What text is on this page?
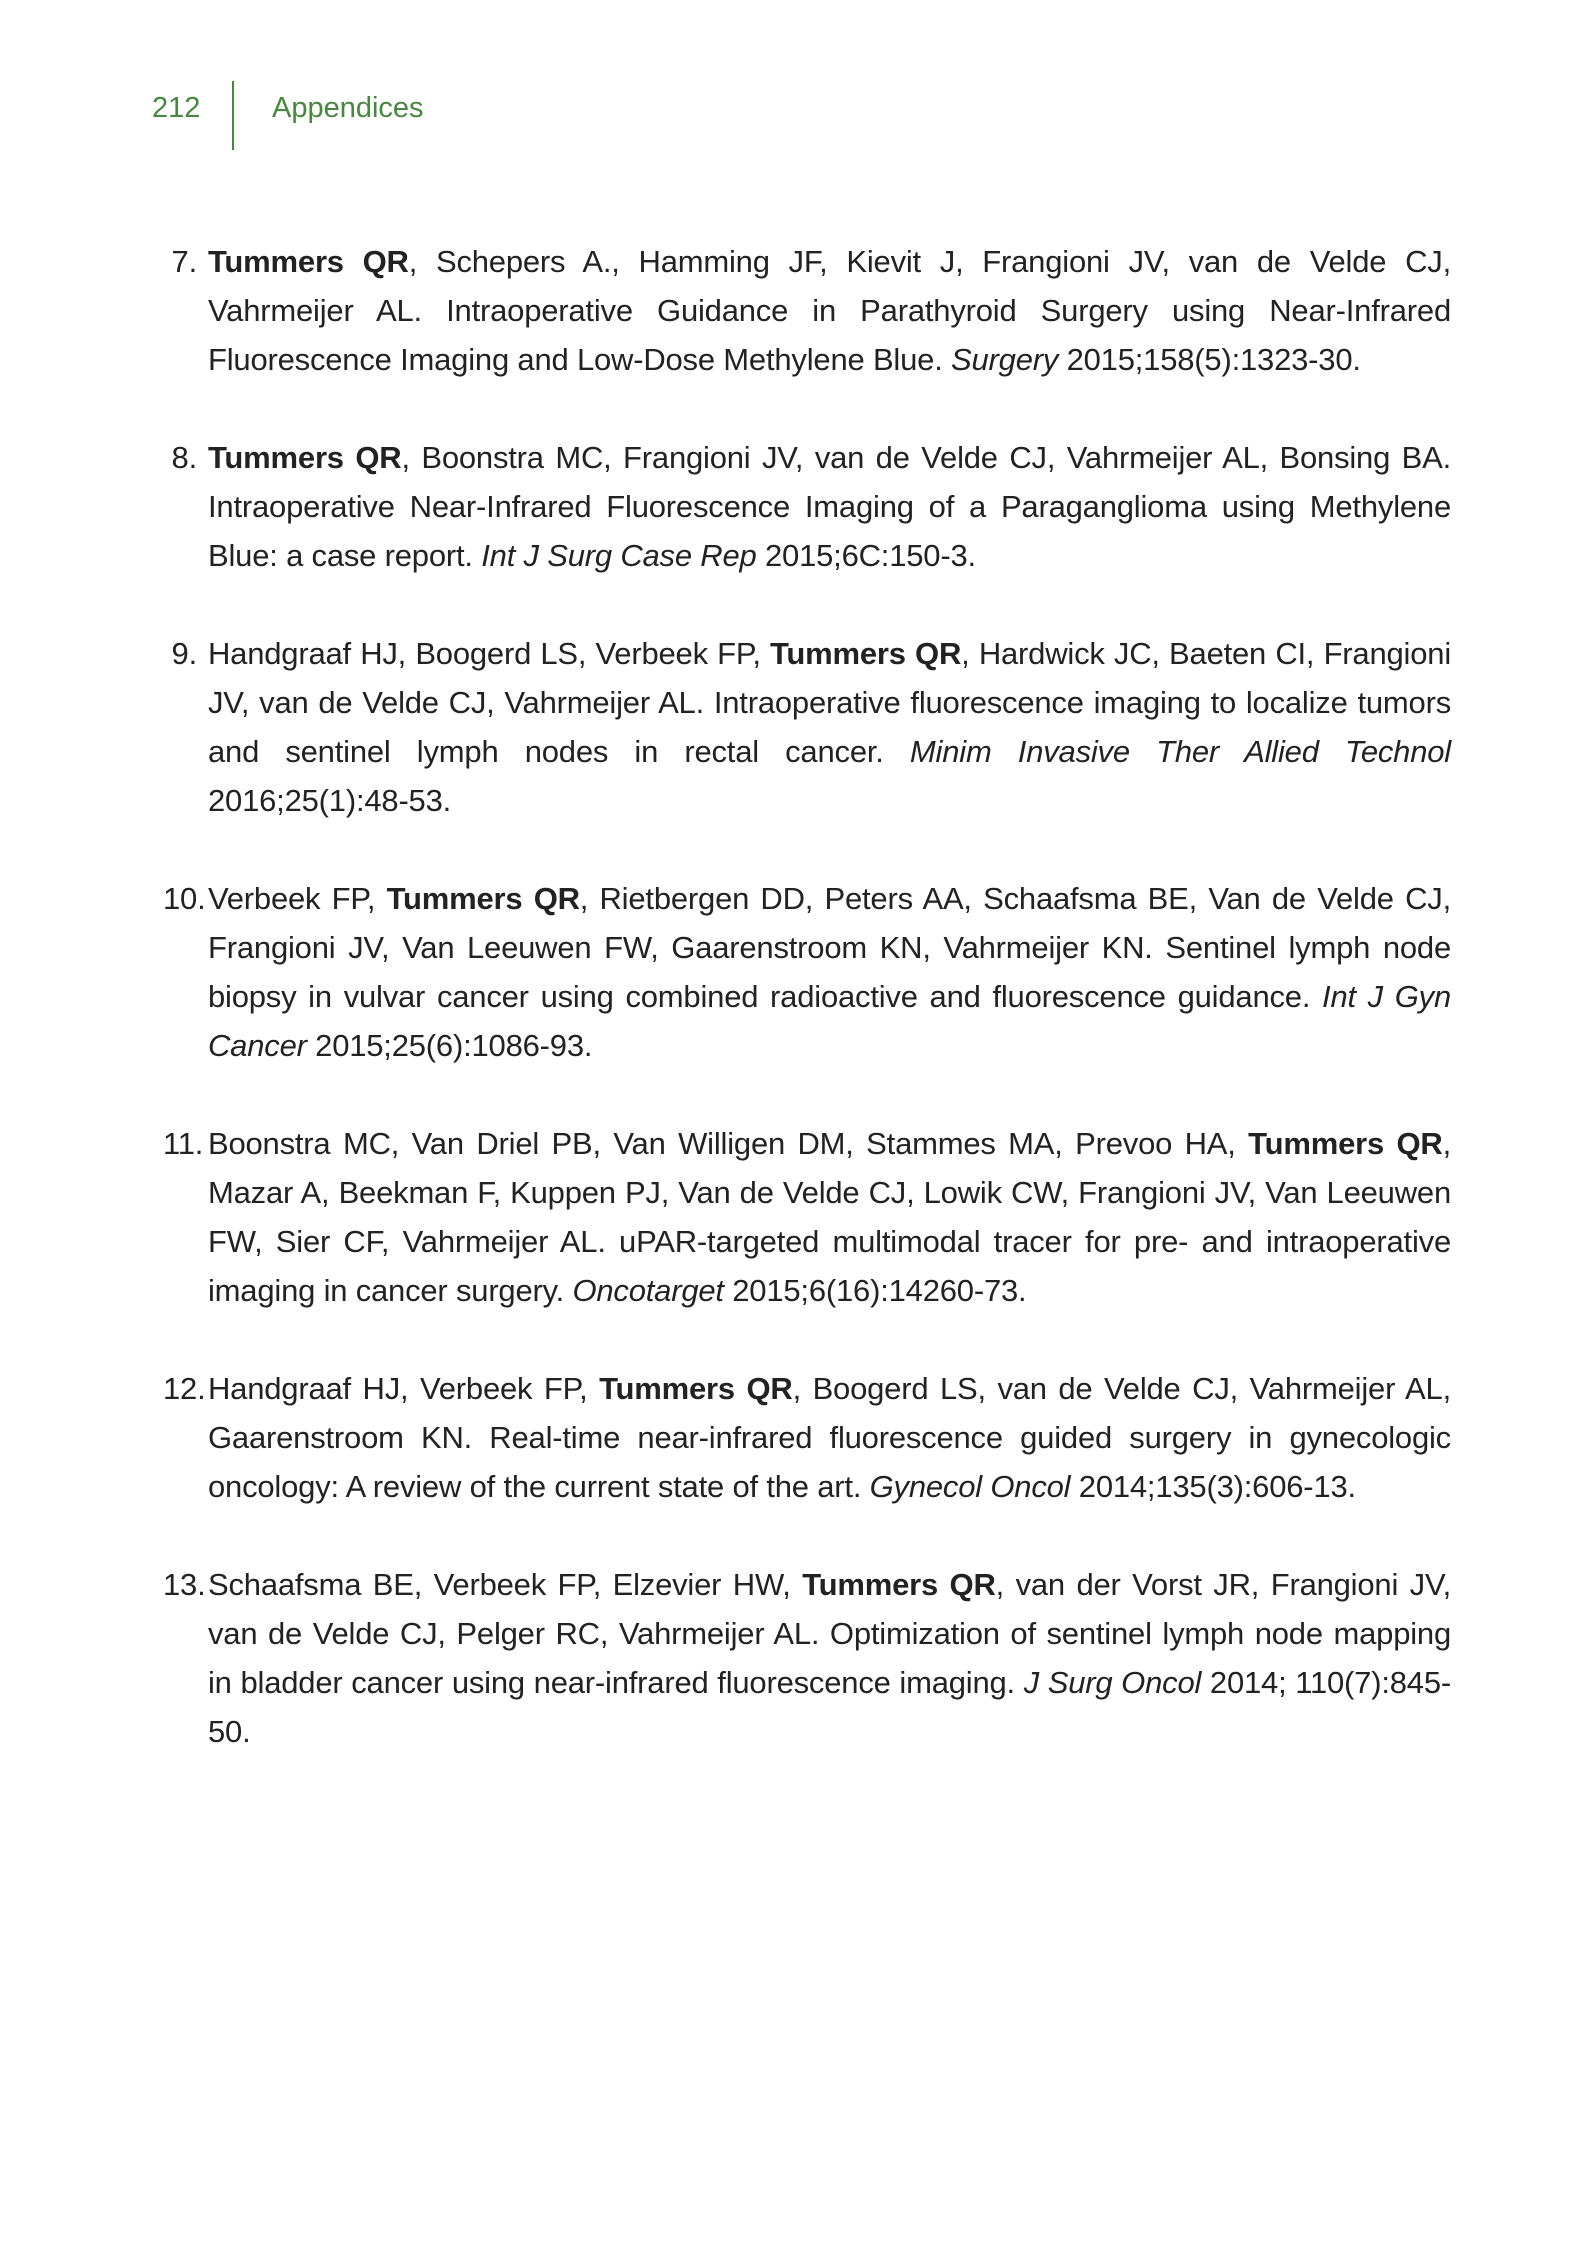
212 Appendices
7. Tummers QR, Schepers A., Hamming JF, Kievit J, Frangioni JV, van de Velde CJ, Vahrmeijer AL. Intraoperative Guidance in Parathyroid Surgery using Near-Infrared Fluorescence Imaging and Low-Dose Methylene Blue. Surgery 2015;158(5):1323-30.

8. Tummers QR, Boonstra MC, Frangioni JV, van de Velde CJ, Vahrmeijer AL, Bonsing BA. Intraoperative Near-Infrared Fluorescence Imaging of a Paraganglioma using Methylene Blue: a case report. Int J Surg Case Rep 2015;6C:150-3.

9. Handgraaf HJ, Boogerd LS, Verbeek FP, Tummers QR, Hardwick JC, Baeten CI, Frangioni JV, van de Velde CJ, Vahrmeijer AL. Intraoperative fluorescence imaging to localize tumors and sentinel lymph nodes in rectal cancer. Minim Invasive Ther Allied Technol 2016;25(1):48-53.

10. Verbeek FP, Tummers QR, Rietbergen DD, Peters AA, Schaafsma BE, Van de Velde CJ, Frangioni JV, Van Leeuwen FW, Gaarenstroom KN, Vahrmeijer KN. Sentinel lymph node biopsy in vulvar cancer using combined radioactive and fluorescence guidance. Int J Gyn Cancer 2015;25(6):1086-93.

11. Boonstra MC, Van Driel PB, Van Willigen DM, Stammes MA, Prevoo HA, Tummers QR, Mazar A, Beekman F, Kuppen PJ, Van de Velde CJ, Lowik CW, Frangioni JV, Van Leeuwen FW, Sier CF, Vahrmeijer AL. uPAR-targeted multimodal tracer for pre- and intraoperative imaging in cancer surgery. Oncotarget 2015;6(16):14260-73.

12. Handgraaf HJ, Verbeek FP, Tummers QR, Boogerd LS, van de Velde CJ, Vahrmeijer AL, Gaarenstroom KN. Real-time near-infrared fluorescence guided surgery in gynecologic oncology: A review of the current state of the art. Gynecol Oncol 2014;135(3):606-13.

13. Schaafsma BE, Verbeek FP, Elzevier HW, Tummers QR, van der Vorst JR, Frangioni JV, van de Velde CJ, Pelger RC, Vahrmeijer AL. Optimization of sentinel lymph node mapping in bladder cancer using near-infrared fluorescence imaging. J Surg Oncol 2014; 110(7):845-50.
